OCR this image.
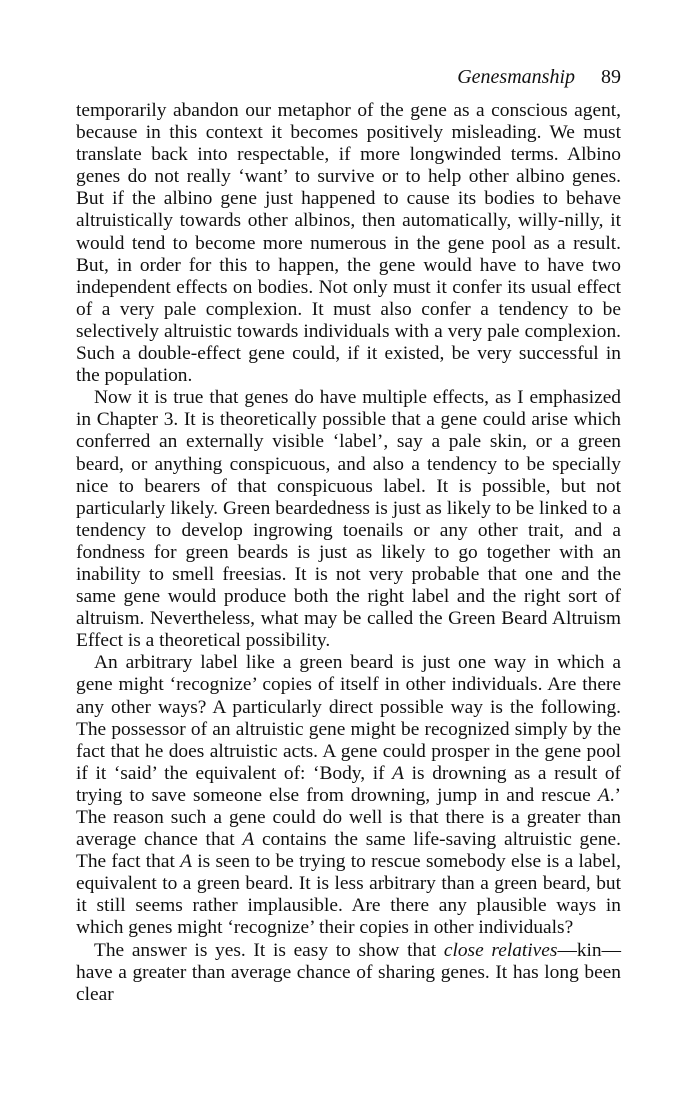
Genesmanship 89

temporarily abandon our metaphor of the gene as a conscious agent, because in this context it becomes positively misleading. We must translate back into respectable, if more longwinded terms. Albino genes do not really ‘want’ to survive or to help other albino genes. But if the albino gene just happened to cause its bodies to behave altruistically towards other albinos, then automatically, willy-nilly, it would tend to become more numerous in the gene pool as a result. But, in order for this to happen, the gene would have to have two independent effects on bodies. Not only must it confer its usual effect of a very pale complexion. It must also confer a tendency to be selectively altruistic towards individuals with a very pale complexion. Such a double-effect gene could, if it existed, be very successful in the population.

Now it is true that genes do have multiple effects, as I emphasized in Chapter 3. It is theoretically possible that a gene could arise which conferred an externally visible ‘label’, say a pale skin, or a green beard, or anything conspicuous, and also a tendency to be specially nice to bearers of that conspicuous label. It is possible, but not particularly likely. Green beardedness is just as likely to be linked to a tendency to develop ingrowing toenails or any other trait, and a fondness for green beards is just as likely to go together with an inability to smell freesias. It is not very probable that one and the same gene would produce both the right label and the right sort of altruism. Nevertheless, what may be called the Green Beard Altruism Effect is a theoretical possibility.

An arbitrary label like a green beard is just one way in which a gene might ‘recognize’ copies of itself in other individuals. Are there any other ways? A particularly direct possible way is the following. The possessor of an altruistic gene might be recognized simply by the fact that he does altruistic acts. A gene could prosper in the gene pool if it ‘said’ the equivalent of: ‘Body, if A is drowning as a result of trying to save someone else from drowning, jump in and rescue A.’ The reason such a gene could do well is that there is a greater than average chance that A contains the same life-saving altruistic gene. The fact that A is seen to be trying to rescue somebody else is a label, equivalent to a green beard. It is less arbitrary than a green beard, but it still seems rather implausible. Are there any plausible ways in which genes might ‘recognize’ their copies in other individuals?

The answer is yes. It is easy to show that close relatives—kin—have a greater than average chance of sharing genes. It has long been clear
